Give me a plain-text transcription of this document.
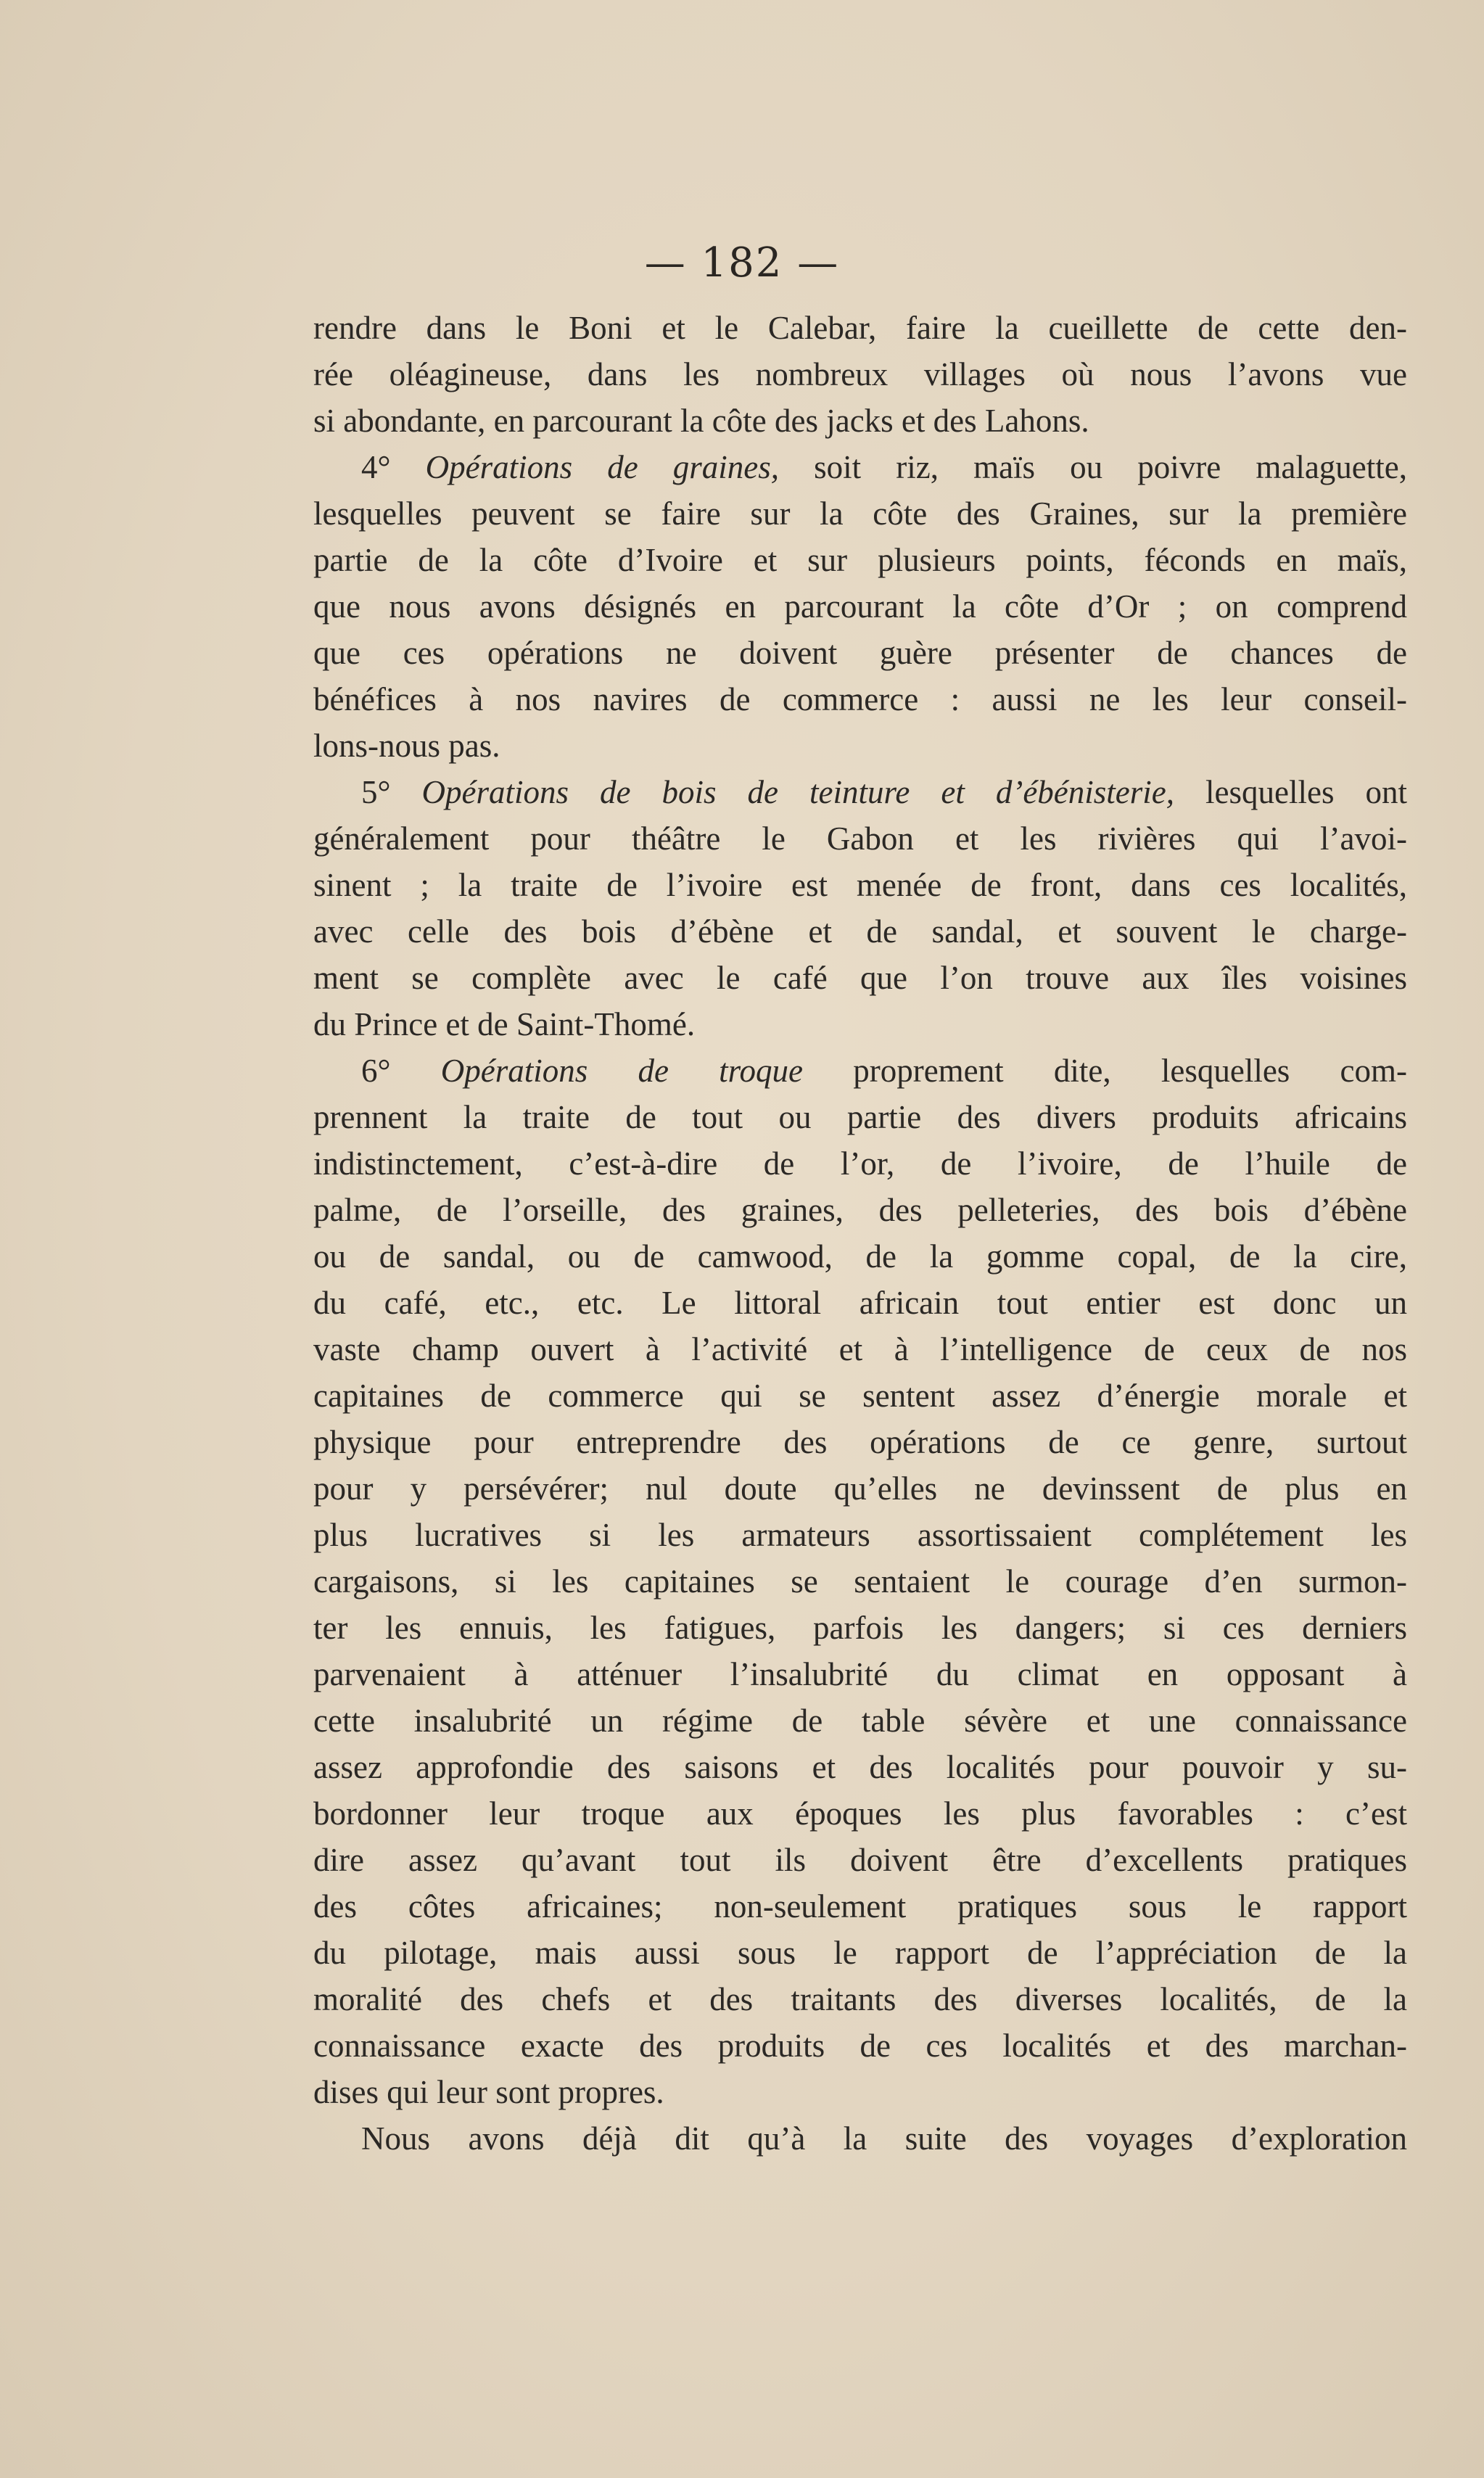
— 182 —
rendre dans le Boni et le Calebar, faire la cueillette de cette den-
rée oléagineuse, dans les nombreux villages où nous l’avons vue
si abondante, en parcourant la côte des jacks et des Lahons.
4° Opérations de graines, soit riz, maïs ou poivre malaguette,
lesquelles peuvent se faire sur la côte des Graines, sur la première
partie de la côte d’Ivoire et sur plusieurs points, féconds en maïs,
que nous avons désignés en parcourant la côte d’Or ; on comprend
que ces opérations ne doivent guère présenter de chances de
bénéfices à nos navires de commerce : aussi ne les leur conseil-
lons-nous pas.
5° Opérations de bois de teinture et d’ébénisterie, lesquelles ont
généralement pour théâtre le Gabon et les rivières qui l’avoi-
sinent ; la traite de l’ivoire est menée de front, dans ces localités,
avec celle des bois d’ébène et de sandal, et souvent le charge-
ment se complète avec le café que l’on trouve aux îles voisines
du Prince et de Saint-Thomé.
6° Opérations de troque proprement dite, lesquelles com-
prennent la traite de tout ou partie des divers produits africains
indistinctement, c’est-à-dire de l’or, de l’ivoire, de l’huile de
palme, de l’orseille, des graines, des pelleteries, des bois d’ébène
ou de sandal, ou de camwood, de la gomme copal, de la cire,
du café, etc., etc. Le littoral africain tout entier est donc un
vaste champ ouvert à l’activité et à l’intelligence de ceux de nos
capitaines de commerce qui se sentent assez d’énergie morale et
physique pour entreprendre des opérations de ce genre, surtout
pour y persévérer; nul doute qu’elles ne devinssent de plus en
plus lucratives si les armateurs assortissaient complétement les
cargaisons, si les capitaines se sentaient le courage d’en surmon-
ter les ennuis, les fatigues, parfois les dangers; si ces derniers
parvenaient à atténuer l’insalubrité du climat en opposant à
cette insalubrité un régime de table sévère et une connaissance
assez approfondie des saisons et des localités pour pouvoir y su-
bordonner leur troque aux époques les plus favorables : c’est
dire assez qu’avant tout ils doivent être d’excellents pratiques
des côtes africaines; non-seulement pratiques sous le rapport
du pilotage, mais aussi sous le rapport de l’appréciation de la
moralité des chefs et des traitants des diverses localités, de la
connaissance exacte des produits de ces localités et des marchan-
dises qui leur sont propres.
Nous avons déjà dit qu’à la suite des voyages d’exploration
